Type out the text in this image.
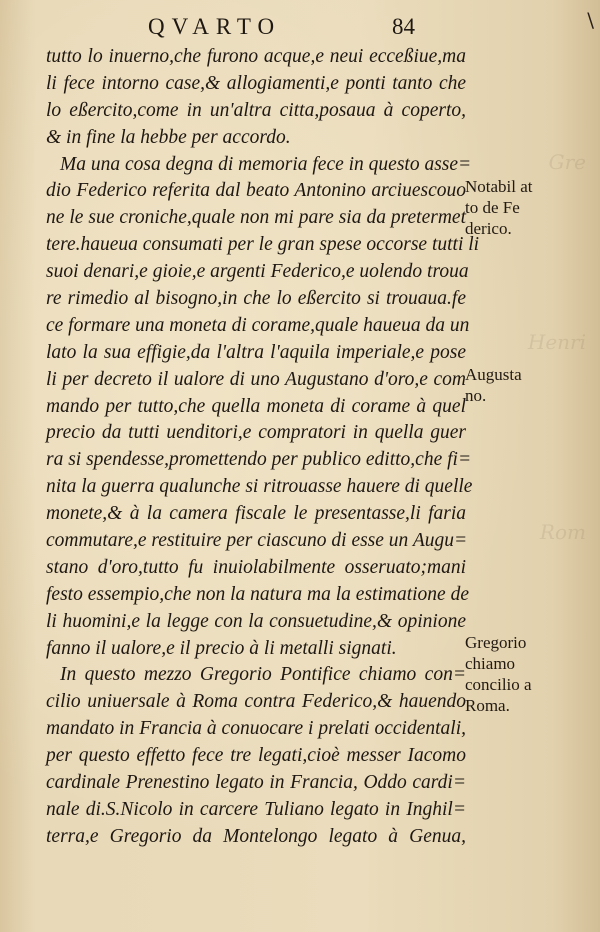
Gre
Henri
Rom
QVARTO	84	\
tutto lo inuerno,che furono acque,e neui ecceßiue,ma
li fece intorno case,& allogiamenti,e ponti tanto che
lo eßercito,come in un'altra citta,posaua à coperto,
& in fine la hebbe per accordo.
Ma una cosa degna di memoria fece in questo asse=
dio Federico referita dal beato Antonino arciuescouo
ne le sue croniche,quale non mi pare sia da pretermet
tere.haueua consumati per le gran spese occorse tutti li
suoi denari,e gioie,e argenti Federico,e uolendo troua
re rimedio al bisogno,in che lo eßercito si trouaua.fe
ce formare una moneta di corame,quale haueua da un
lato la sua effigie,da l'altra l'aquila imperiale,e pose
li per decreto il ualore di uno Augustano d'oro,e com
mando per tutto,che quella moneta di corame à quel
precio da tutti uenditori,e compratori in quella guer
ra si spendesse,promettendo per publico editto,che fi=
nita la guerra qualunche si ritrouasse hauere di quelle
monete,& à la camera fiscale le presentasse,li faria
commutare,e restituire per ciascuno di esse un Augu=
stano d'oro,tutto fu inuiolabilmente osseruato;mani
festo essempio,che non la natura ma la estimatione de
li huomini,e la legge con la consuetudine,& opinione
fanno il ualore,e il precio à li metalli signati.
In questo mezzo Gregorio Pontifice chiamo con=
cilio uniuersale à Roma contra Federico,& hauendo
mandato in Francia à conuocare i prelati occidentali,
per questo effetto fece tre legati,cioè messer Iacomo
cardinale Prenestino legato in Francia, Oddo cardi=
nale di.S.Nicolo in carcere Tuliano legato in Inghil=
terra,e Gregorio da Montelongo legato à Genua,
Notabil at
to de Fe
derico.
Augusta
no.
Gregorio
chiamo
concilio a
Roma.
